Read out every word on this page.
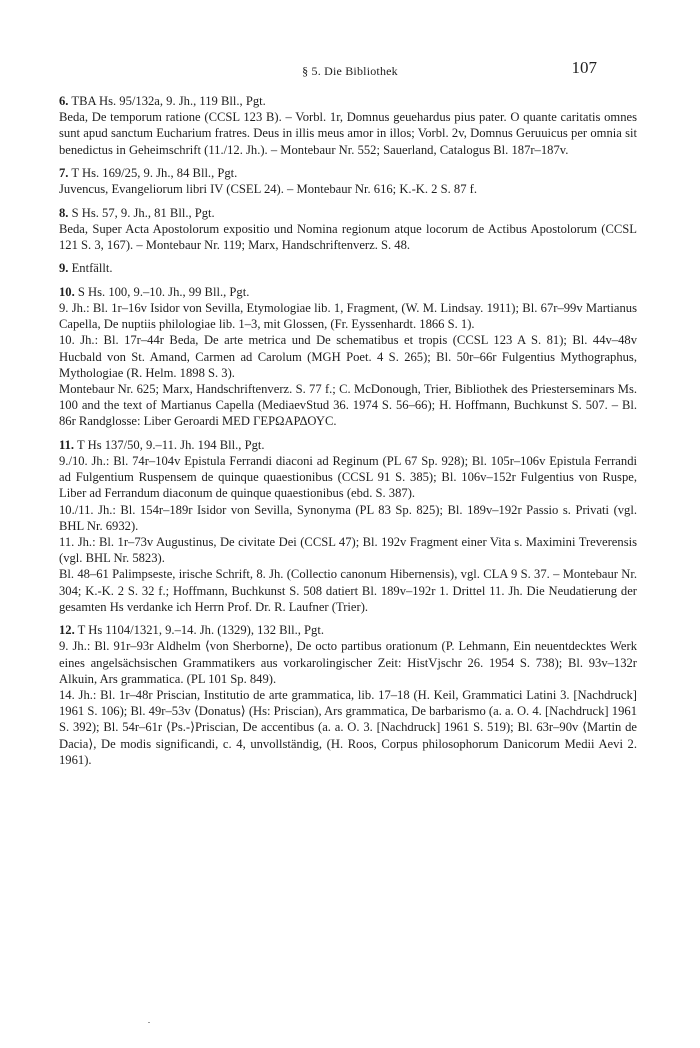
§ 5. Die Bibliothek	107
6. TBA Hs. 95/132a, 9. Jh., 119 Bll., Pgt.

Beda, De temporum ratione (CCSL 123 B). – Vorbl. 1r, Domnus geuehardus pius pater. O quante caritatis omnes sunt apud sanctum Eucharium fratres. Deus in illis meus amor in illos; Vorbl. 2v, Domnus Geruuicus per omnia sit benedictus in Geheimschrift (11./12. Jh.). – Montebaur Nr. 552; Sauerland, Catalogus Bl. 187r–187v.

7. T Hs. 169/25, 9. Jh., 84 Bll., Pgt.

Juvencus, Evangeliorum libri IV (CSEL 24). – Montebaur Nr. 616; K.-K. 2 S. 87 f.

8. S Hs. 57, 9. Jh., 81 Bll., Pgt.

Beda, Super Acta Apostolorum expositio und Nomina regionum atque locorum de Actibus Apostolorum (CCSL 121 S. 3, 167). – Montebaur Nr. 119; Marx, Handschriftenverz. S. 48.

9. Entfällt.
10. S Hs. 100, 9.–10. Jh., 99 Bll., Pgt.

9. Jh.: Bl. 1r–16v Isidor von Sevilla, Etymologiae lib. 1, Fragment, (W. M. Lindsay. 1911); Bl. 67r–99v Martianus Capella, De nuptiis philologiae lib. 1–3, mit Glossen, (Fr. Eyssenhardt. 1866 S. 1).
10. Jh.: Bl. 17r–44r Beda, De arte metrica und De schematibus et tropis (CCSL 123 A S. 81); Bl. 44v–48v Hucbald von St. Amand, Carmen ad Carolum (MGH Poet. 4 S. 265); Bl. 50r–66r Fulgentius Mythographus, Mythologiae (R. Helm. 1898 S. 3).
Montebaur Nr. 625; Marx, Handschriftenverz. S. 77 f.; C. McDonough, Trier, Bibliothek des Priesterseminars Ms. 100 and the text of Martianus Capella (MediaevStud 36. 1974 S. 56–66); H. Hoffmann, Buchkunst S. 507. – Bl. 86r Randglosse: Liber Geroardi MED ΓΕΡΩΑΡΔΟΥC.

11. T Hs 137/50, 9.–11. Jh. 194 Bll., Pgt.

9./10. Jh.: Bl. 74r–104v Epistula Ferrandi diaconi ad Reginum (PL 67 Sp. 928); Bl. 105r–106v Epistula Ferrandi ad Fulgentium Ruspensem de quinque quaestionibus (CCSL 91 S. 385); Bl. 106v–152r Fulgentius von Ruspe, Liber ad Ferrandum diaconum de quinque quaestionibus (ebd. S. 387).
10./11. Jh.: Bl. 154r–189r Isidor von Sevilla, Synonyma (PL 83 Sp. 825); Bl. 189v–192r Passio s. Privati (vgl. BHL Nr. 6932).
11. Jh.: Bl. 1r–73v Augustinus, De civitate Dei (CCSL 47); Bl. 192v Fragment einer Vita s. Maximini Treverensis (vgl. BHL Nr. 5823).
Bl. 48–61 Palimpseste, irische Schrift, 8. Jh. (Collectio canonum Hibernensis), vgl. CLA 9 S. 37. – Montebaur Nr. 304; K.-K. 2 S. 32 f.; Hoffmann, Buchkunst S. 508 datiert Bl. 189v–192r 1. Drittel 11. Jh. Die Neudatierung der gesamten Hs verdanke ich Herrn Prof. Dr. R. Laufner (Trier).

12. T Hs 1104/1321, 9.–14. Jh. (1329), 132 Bll., Pgt.

9. Jh.: Bl. 91r–93r Aldhelm ⟨von Sherborne⟩, De octo partibus orationum (P. Lehmann, Ein neuentdecktes Werk eines angelsächsischen Grammatikers aus vorkarolingischer Zeit: HistVjschr 26. 1954 S. 738); Bl. 93v–132r Alkuin, Ars grammatica. (PL 101 Sp. 849).
14. Jh.: Bl. 1r–48r Priscian, Institutio de arte grammatica, lib. 17–18 (H. Keil, Grammatici Latini 3. [Nachdruck] 1961 S. 106); Bl. 49r–53v ⟨Donatus⟩ (Hs: Priscian), Ars grammatica, De barbarismo (a. a. O. 4. [Nachdruck] 1961 S. 392); Bl. 54r–61r ⟨Ps.-⟩Priscian, De accentibus (a. a. O. 3. [Nachdruck] 1961 S. 519); Bl. 63r–90v ⟨Martin de Dacia⟩, De modis significandi, c. 4, unvollständig, (H. Roos, Corpus philosophorum Danicorum Medii Aevi 2. 1961).
